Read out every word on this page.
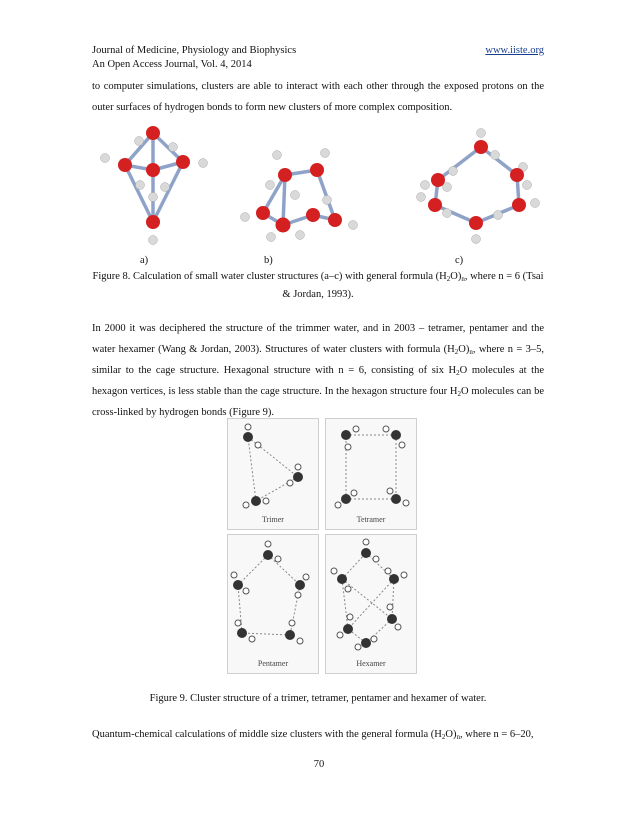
Journal of Medicine, Physiology and Biophysics
An Open Access Journal, Vol. 4, 2014
www.iiste.org

to computer simulations, clusters are able to interact with each other through the exposed protons on the outer surfaces of hydrogen bonds to form new clusters of more complex composition.

a)	b)	c)

Figure 8. Calculation of small water cluster structures (a–c) with general formula $(H_2O)_n$, where n = 6 (Tsai & Jordan, 1993).

In 2000 it was deciphered the structure of the trimmer water, and in 2003 – tetramer, pentamer and the water hexamer (Wang & Jordan, 2003). Structures of water clusters with formula $(H_2O)_n$, where n = 3–5, similar to the cage structure. Hexagonal structure with n = 6, consisting of six $H_2O$ molecules at the hexagon vertices, is less stable than the cage structure. In the hexagon structure four $H_2O$ molecules can be cross-linked by hydrogen bonds (Figure 9).

Trimer	Tetramer
Pentamer	Hexamer

Figure 9. Cluster structure of a trimer, tetramer, pentamer and hexamer of water.

Quantum-chemical calculations of middle size clusters with the general formula $(H_2O)_n$, where n = 6–20,

70
